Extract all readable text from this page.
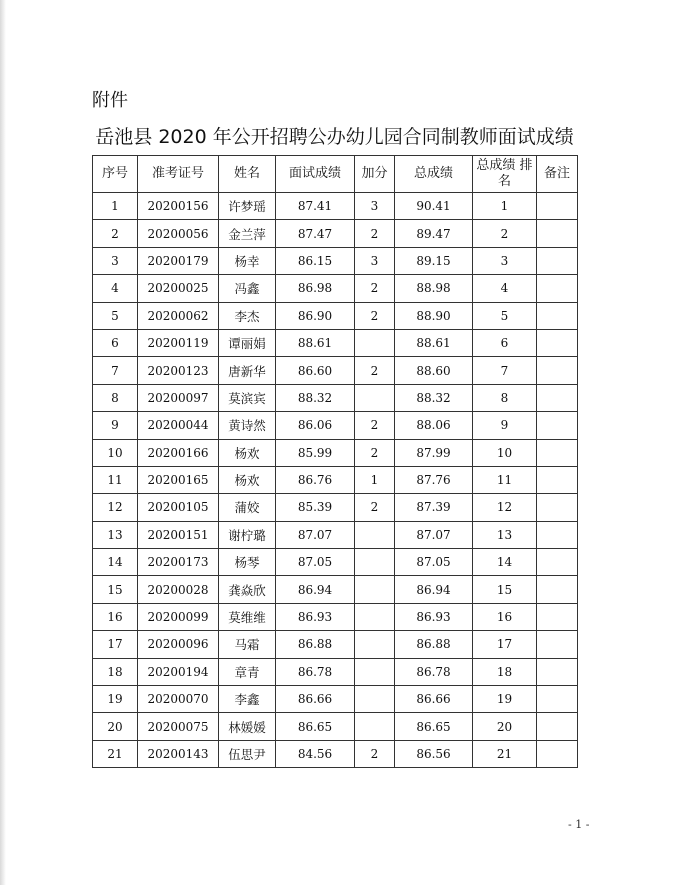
附件
岳池县 2020 年公开招聘公办幼儿园合同制教师面试成绩
序号	准考证号	姓名	面试成绩	加分	总成绩	总成绩 排名	备注
1	20200156	许梦瑶	87.41	3	90.41	1	
2	20200056	金兰萍	87.47	2	89.47	2	
3	20200179	杨幸	86.15	3	89.15	3	
4	20200025	冯鑫	86.98	2	88.98	4	
5	20200062	李杰	86.90	2	88.90	5	
6	20200119	谭丽娟	88.61		88.61	6	
7	20200123	唐新华	86.60	2	88.60	7	
8	20200097	莫滨宾	88.32		88.32	8	
9	20200044	黄诗然	86.06	2	88.06	9	
10	20200166	杨欢	85.99	2	87.99	10	
11	20200165	杨欢	86.76	1	87.76	11	
12	20200105	蒲姣	85.39	2	87.39	12	
13	20200151	谢柠璐	87.07		87.07	13	
14	20200173	杨琴	87.05		87.05	14	
15	20200028	龚焱欣	86.94		86.94	15	
16	20200099	莫维维	86.93		86.93	16	
17	20200096	马霜	86.88		86.88	17	
18	20200194	章青	86.78		86.78	18	
19	20200070	李鑫	86.66		86.66	19	
20	20200075	林媛媛	86.65		86.65	20	
21	20200143	伍思尹	84.56	2	86.56	21	
- 1 -
